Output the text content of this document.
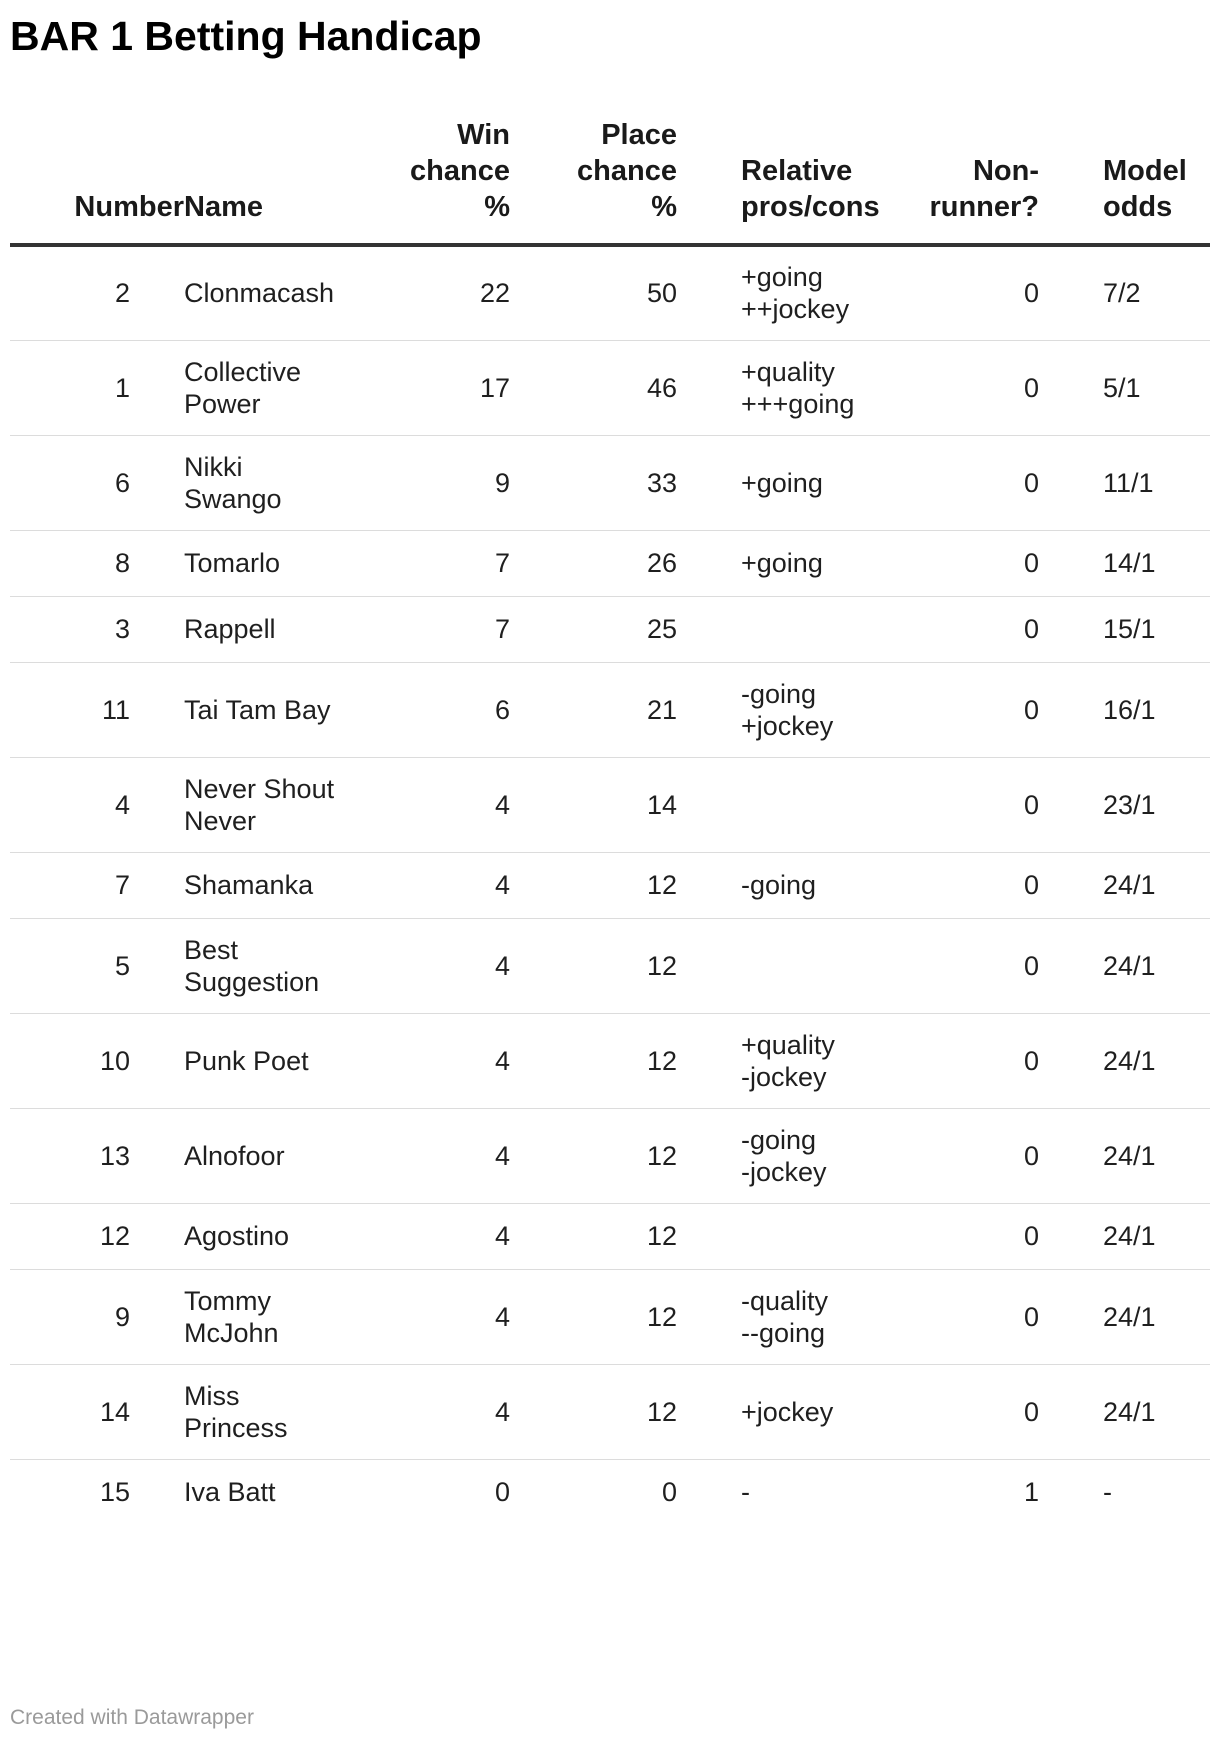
BAR 1 Betting Handicap
Number	Name	Win
chance
%	Place
chance
%	Relative
pros/cons	Non-
runner?	Model
odds
2	Clonmacash	22	50	+going
++jockey	0	7/2
1	Collective
Power	17	46	+quality
+++going	0	5/1
6	Nikki
Swango	9	33	+going	0	11/1
8	Tomarlo	7	26	+going	0	14/1
3	Rappell	7	25		0	15/1
11	Tai Tam Bay	6	21	-going
+jockey	0	16/1
4	Never Shout
Never	4	14		0	23/1
7	Shamanka	4	12	-going	0	24/1
5	Best
Suggestion	4	12		0	24/1
10	Punk Poet	4	12	+quality
-jockey	0	24/1
13	Alnofoor	4	12	-going
-jockey	0	24/1
12	Agostino	4	12		0	24/1
9	Tommy
McJohn	4	12	-quality
--going	0	24/1
14	Miss
Princess	4	12	+jockey	0	24/1
15	Iva Batt	0	0	-	1	-
Created with Datawrapper
